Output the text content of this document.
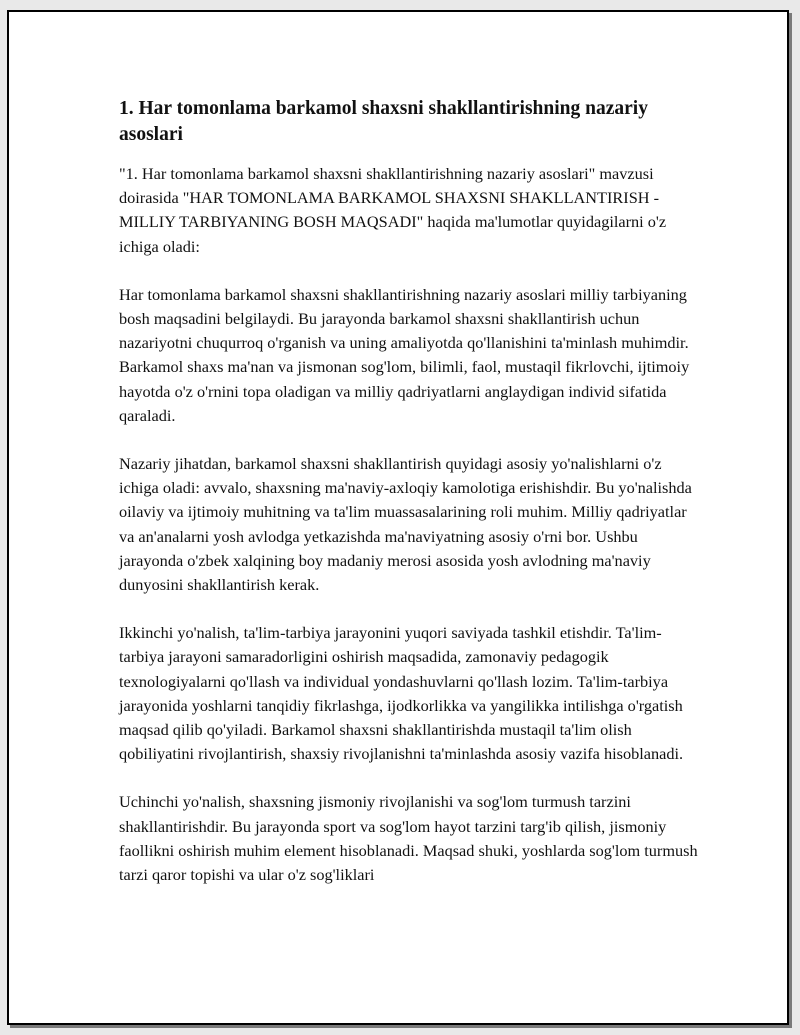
1. Har tomonlama barkamol shaxsni shakllantirishning nazariy asoslari

"1. Har tomonlama barkamol shaxsni shakllantirishning nazariy asoslari" mavzusi doirasida "HAR TOMONLAMA BARKAMOL SHAXSNI SHAKLLANTIRISH - MILLIY TARBIYANING BOSH MAQSADI" haqida ma'lumotlar quyidagilarni o'z ichiga oladi:

Har tomonlama barkamol shaxsni shakllantirishning nazariy asoslari milliy tarbiyaning bosh maqsadini belgilaydi. Bu jarayonda barkamol shaxsni shakllantirish uchun nazariyotni chuqurroq o'rganish va uning amaliyotda qo'llanishini ta'minlash muhimdir. Barkamol shaxs ma'nan va jismonan sog'lom, bilimli, faol, mustaqil fikrlovchi, ijtimoiy hayotda o'z o'rnini topa oladigan va milliy qadriyatlarni anglaydigan individ sifatida qaraladi.

Nazariy jihatdan, barkamol shaxsni shakllantirish quyidagi asosiy yo'nalishlarni o'z ichiga oladi: avvalo, shaxsning ma'naviy-axloqiy kamolotiga erishishdir. Bu yo'nalishda oilaviy va ijtimoiy muhitning va ta'lim muassasalarining roli muhim. Milliy qadriyatlar va an'analarni yosh avlodga yetkazishda ma'naviyatning asosiy o'rni bor. Ushbu jarayonda o'zbek xalqining boy madaniy merosi asosida yosh avlodning ma'naviy dunyosini shakllantirish kerak.

Ikkinchi yo'nalish, ta'lim-tarbiya jarayonini yuqori saviyada tashkil etishdir. Ta'lim-tarbiya jarayoni samaradorligini oshirish maqsadida, zamonaviy pedagogik texnologiyalarni qo'llash va individual yondashuvlarni qo'llash lozim. Ta'lim-tarbiya jarayonida yoshlarni tanqidiy fikrlashga, ijodkorlikka va yangilikka intilishga o'rgatish maqsad qilib qo'yiladi. Barkamol shaxsni shakllantirishda mustaqil ta'lim olish qobiliyatini rivojlantirish, shaxsiy rivojlanishni ta'minlashda asosiy vazifa hisoblanadi.

Uchinchi yo'nalish, shaxsning jismoniy rivojlanishi va sog'lom turmush tarzini shakllantirishdir. Bu jarayonda sport va sog'lom hayot tarzini targ'ib qilish, jismoniy faollikni oshirish muhim element hisoblanadi. Maqsad shuki, yoshlarda sog'lom turmush tarzi qaror topishi va ular o'z sog'liklari
